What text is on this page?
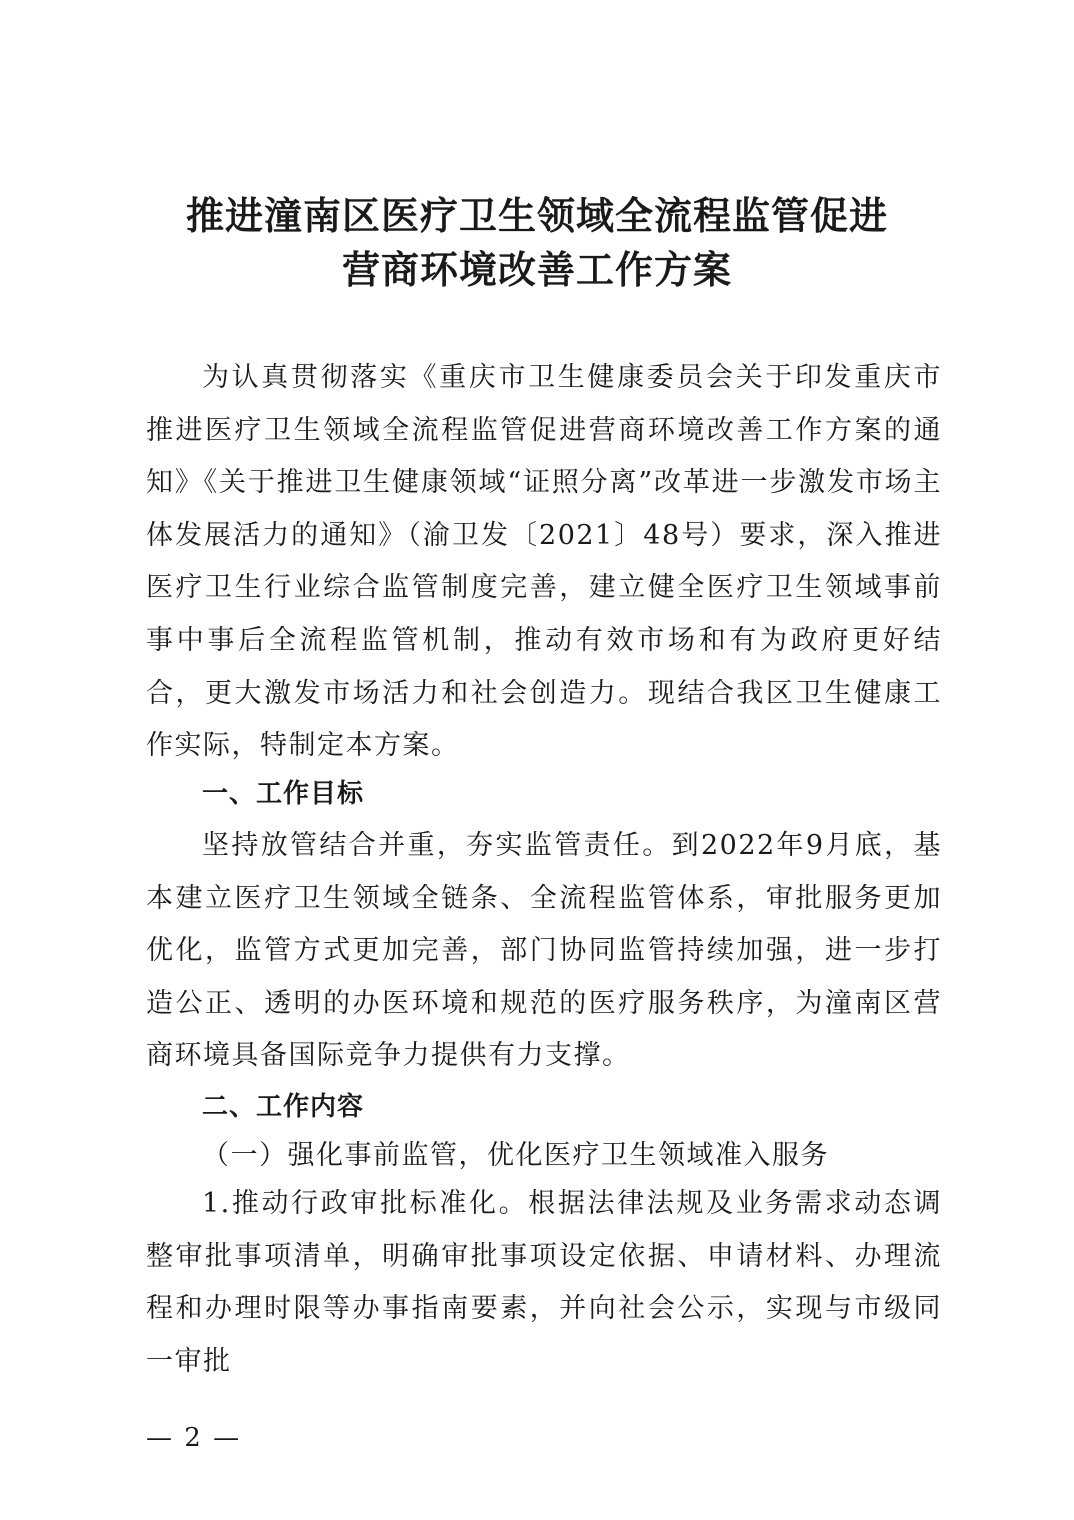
推进潼南区医疗卫生领域全流程监管促进
营商环境改善工作方案
为认真贯彻落实《重庆市卫生健康委员会关于印发重庆市推进医疗卫生领域全流程监管促进营商环境改善工作方案的通知》《关于推进卫生健康领域“证照分离”改革进一步激发市场主体发展活力的通知》（渝卫发〔2021〕48号）要求，深入推进医疗卫生行业综合监管制度完善，建立健全医疗卫生领域事前事中事后全流程监管机制，推动有效市场和有为政府更好结合，更大激发市场活力和社会创造力。现结合我区卫生健康工作实际，特制定本方案。
一、工作目标
坚持放管结合并重，夯实监管责任。到2022年9月底，基本建立医疗卫生领域全链条、全流程监管体系，审批服务更加优化，监管方式更加完善，部门协同监管持续加强，进一步打造公正、透明的办医环境和规范的医疗服务秩序，为潼南区营商环境具备国际竞争力提供有力支撑。
二、工作内容
（一）强化事前监管，优化医疗卫生领域准入服务
1.推动行政审批标准化。根据法律法规及业务需求动态调整审批事项清单，明确审批事项设定依据、申请材料、办理流程和办理时限等办事指南要素，并向社会公示，实现与市级同一审批
— 2 —
